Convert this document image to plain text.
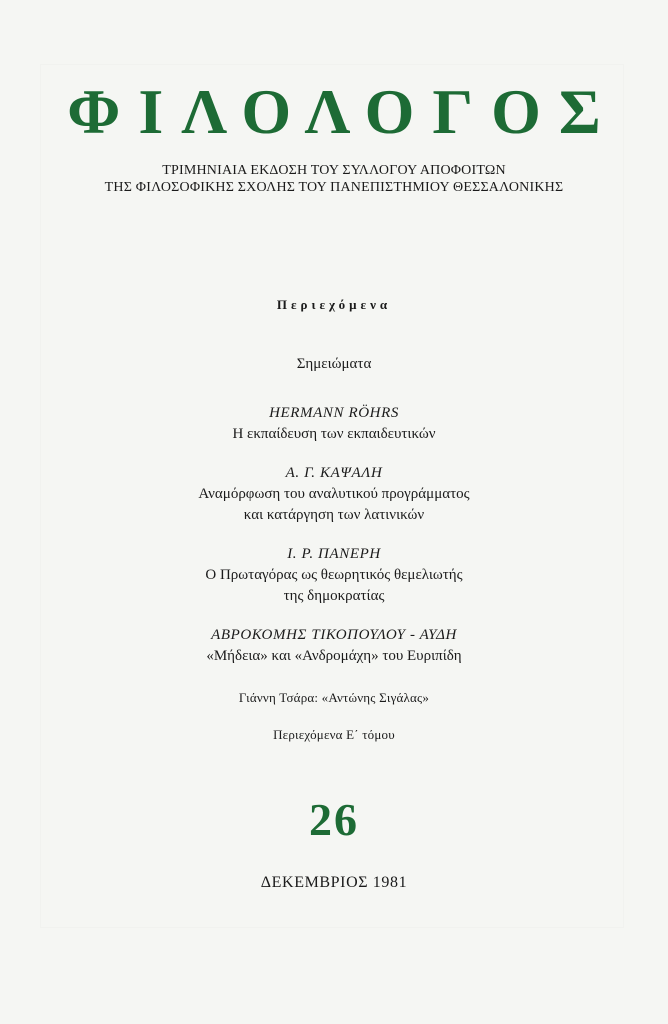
ΦΙΛΟΛΟΓΟΣ
ΤΡΙΜΗΝΙΑΙΑ ΕΚΔΟΣΗ ΤΟΥ ΣΥΛΛΟΓΟΥ ΑΠΟΦΟΙΤΩΝ
ΤΗΣ ΦΙΛΟΣΟΦΙΚΗΣ ΣΧΟΛΗΣ ΤΟΥ ΠΑΝΕΠΙΣΤΗΜΙΟΥ ΘΕΣΣΑΛΟΝΙΚΗΣ
Περιεχόμενα
Σημειώματα
HERMANN RÖHRS
Η εκπαίδευση των εκπαιδευτικών
Α. Γ. ΚΑΨΑΛΗ
Αναμόρφωση του αναλυτικού προγράμματος
και κατάργηση των λατινικών
Ι. Ρ. ΠΑΝΕΡΗ
Ο Πρωταγόρας ως θεωρητικός θεμελιωτής
της δημοκρατίας
ΑΒΡΟΚΟΜΗΣ ΤΙΚΟΠΟΥΛΟΥ - ΑΥΔΗ
«Μήδεια» και «Ανδρομάχη» του Ευριπίδη
Γιάννη Τσάρα: «Αντώνης Σιγάλας»
Περιεχόμενα Ε΄ τόμου
26
ΔΕΚΕΜΒΡΙΟΣ 1981
